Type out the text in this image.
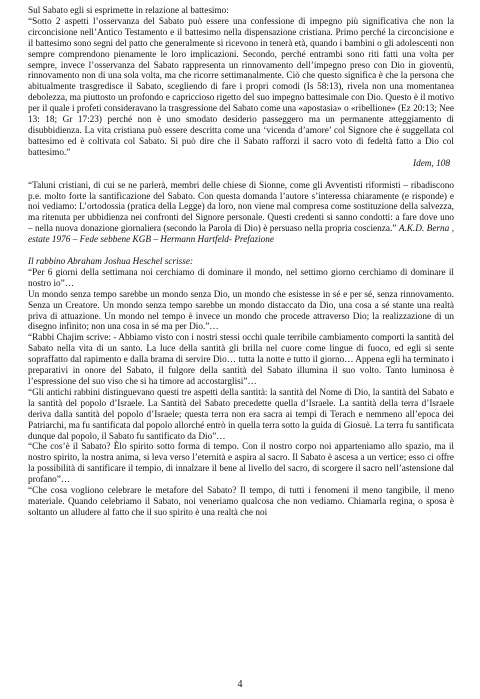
Sul Sabato egli si esprimette in relazione al battesimo:

“Sotto 2 aspetti l’osservanza del Sabato può essere una confessione di impegno più significativa che non la circoncisione nell’Antico Testamento e il battesimo nella dispensazione cristiana. Primo perché la circoncisione e il battesimo sono segni del patto che generalmente si ricevono in tenerà età, quando i bambini o gli adolescenti non sempre comprendono pienamente le loro implicazioni. Secondo, perché entrambi sono riti fatti una volta per sempre, invece l’osservanza del Sabato rappresenta un rinnovamento dell’impegno preso con Dio in gioventù, rinnovamento non di una sola volta, ma che ricorre settimanalmente. Ciò che questo significa è che la persona che abitualmente trasgredisce il Sabato, scegliendo di fare i propri comodi (Is 58:13), rivela non una momentanea debolezza, ma piuttosto un profondo e capriccioso rigetto del suo impegno battesimale con Dio. Questo è il motivo per il quale i profeti consideravano la trasgressione del Sabato come una «apostasia» o «ribellione» (Ez 20:13; Nee 13: 18; Gr 17:23) perché non è uno smodato desiderio passeggero ma un permanente atteggiamento di disubbidienza. La vita cristiana può essere descritta come una ‘vicenda d’amore’ col Signore che è suggellata col battesimo ed è coltivata col Sabato. Si può dire che il Sabato rafforzi il sacro voto di fedeltà fatto a Dio col battesimo.”

Idem, 108

“Taluni cristiani, di cui se ne parlerà, membri delle chiese di Sionne, come gli Avventisti riformisti – ribadiscono p.e. molto forte la santificazione del Sabato. Con questa domanda l’autore s’interessa chiaramente (e risponde) e noi vediamo: L’ortodossia (pratica della Legge) da loro, non viene mal compresa come sostituzione della salvezza, ma ritenuta per ubbidienza nei confronti del Signore personale. Questi credenti si sanno condotti: a fare dove uno – nella nuova donazione giornaliera (secondo la Parola di Dio) è persuaso nella propria coscienza.” A.K.D. Berna , estate 1976 – Fede sebbene KGB – Hermann Hartfeld- Prefazione

Il rabbino Abraham Joshua Heschel scrisse:

“Per 6 giorni della settimana noi cerchiamo di dominare il mondo, nel settimo giorno cerchiamo di dominare il nostro io”…

Un mondo senza tempo sarebbe un mondo senza Dio, un mondo che esistesse in sé e per sé, senza rinnovamento. Senza un Creatore. Un mondo senza tempo sarebbe un mondo distaccato da Dio, una cosa a sé stante una realtà priva di attuazione. Un mondo nel tempo è invece un mondo che procede attraverso Dio; la realizzazione di un disegno infinito; non una cosa in sé ma per Dio.”…

“Rabbi Chajim scrive: - Abbiamo visto con i nostri stessi occhi quale terribile cambiamento comporti la santità del Sabato nella vita di un santo. La luce della santità gli brilla nel cuore come lingue di fuoco, ed egli si sente sopraffatto dal rapimento e dalla brama di servire Dio… tutta la notte e tutto il giorno… Appena egli ha terminato i preparativi in onore del Sabato, il fulgore della santità del Sabato illumina il suo volto. Tanto luminosa è l’espressione del suo viso che si ha timore ad accostarglisi”…

“Gli antichi rabbini distinguevano questi tre aspetti della santità: la santità del Nome di Dio, la santità del Sabato e la santità del popolo d’Israele. La Santità del Sabato precedette quella d’Israele. La santità della terra d’Israele deriva dalla santità del popolo d’Israele; questa terra non era sacra ai tempi di Terach e nemmeno all’epoca dei Patriarchi, ma fu santificata dal popolo allorché entrò in quella terra sotto la guida di Giosuè. La terra fu santificata dunque dal popolo, il Sabato fu santificato da Dio”…

“Che cos’è il Sabato? Èlo spirito sotto forma di tempo. Con il nostro corpo noi apparteniamo allo spazio, ma il nostro spirito, la nostra anima, si leva verso l’eternità e aspira al sacro. Il Sabato è ascesa a un vertice; esso ci offre la possibilità di santificare il tempio, di innalzare il bene al livello del sacro, di scorgere il sacro nell’astensione dal profano”…

“Che cosa vogliono celebrare le metafore del Sabato? Il tempo, di tutti i fenomeni il meno tangibile, il meno materiale. Quando celebriamo il Sabato, noi veneriamo qualcosa che non vediamo. Chiamarla regina, o sposa è soltanto un alludere al fatto che il suo spirito è una realtà che noi

4
